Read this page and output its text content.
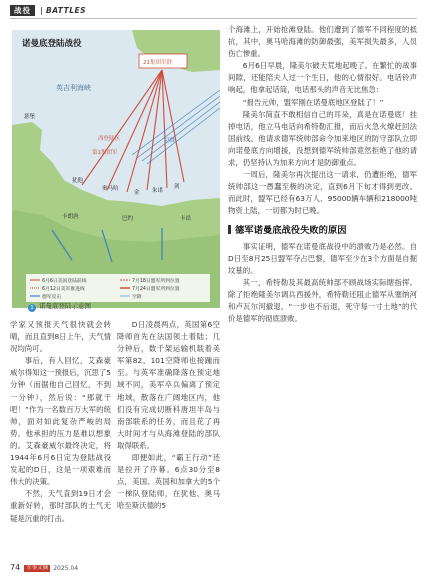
战役	| BATTLES
诺曼底登陆战役
21集团军群
犹他
奥马哈
金 朱诺
剑
英吉利海峡
瑟堡
卡朗唐	巴约	卡昂
第1集团军
西登陆区	空降
6月6日美国登陆前线	7月18日盟军所到位置
6月12日美军推进线	7月24日盟军所到位置
德军反击	空降
1 诺曼底登陆示意图

个海滩上，开始抢滩登陆。他们遭到了德军不同程度的抵抗，其中，奥马哈海滩的防御最强，美军损失最多，人员伤亡惨重。

6月6日早晨，隆美尔破天荒地起晚了。在繁忙的战事间隙，还能陪夫人过一个生日，他的心情很好。电话铃声响起，他拿起话筒，电话那头的声音无比焦急：

“报告元帅，盟军刚在诺曼底地区登陆了！”

隆美尔简直不敢相信自己的耳朵，真是在诺曼底！挂掉电话，他立马电话向希特勒汇报，而后火急火燎赶回法国前线。他请求德军统帅部命令加来地区的防守部队立即向诺曼底方向增援，没想到德军统帅部竟然拒绝了他的请求，仍坚持认为加来方向才是防御重点。

一周后，隆美尔再次提出这一请求，仍遭拒绝，德军统帅部这一愚蠢至极的决定，直到6月下旬才得到更改。而此时，盟军已经有63万人、95000辆车辆和218000吨物资上陆，一切都为时已晚。

德军诺曼底战役失败的原因

事实证明，德军在诺曼底战役中的溃败乃是必然。自D日至8月25日盟军夺占巴黎，德军至少在3个方面是自掘坟墓的。

其一，希特勒及其最高统帅部不顾战场实际瞎指挥。除了拒绝隆美尔调兵西援外，希特勒还阻止德军从塞纳河和卢瓦尔河撤退，“一步也不后退，死守每一寸土地”的代价是德军的彻底溃败。

学家又预报天气很快就会转晴，而且直到8日上午，天气情况均尚可。

事后，有人回忆，艾森豪威尔得知这一预报后，沉思了5分钟（而据他自己回忆，不到一分钟），然后说：“那就干吧！”作为一名数百万大军的统帅，面对如此复杂严峻的局势，他承担的压力是难以想象的。艾森豪威尔最终决定，将1944年6月6日定为登陆战役发起的D日，这是一项艰难而伟大的决策。

不然，天气直到19日才会重新好转，那时部队的士气无疑是沉重的打击。

D日凌晨两点，英国第6空降师首先在法国领土着陆；几分钟后，数千架运输机载着美军第82、101空降师也接踵而至。与英军准确降落在预定地域不同，美军卒兵偏离了预定地域，散落在广阔地区内，他们没有完成切断科唐坦半岛与南部联系的任务，而且花了再大时间才与从海滩登陆的部队取得联系。

即便如此，“霸王行动”还是拉开了序幕。6点30分至8点，美国、英国和加拿大的5个一梯队登陆师，在犹他、奥马哈至斯沃德的5

74 军事文摘 2025.04
